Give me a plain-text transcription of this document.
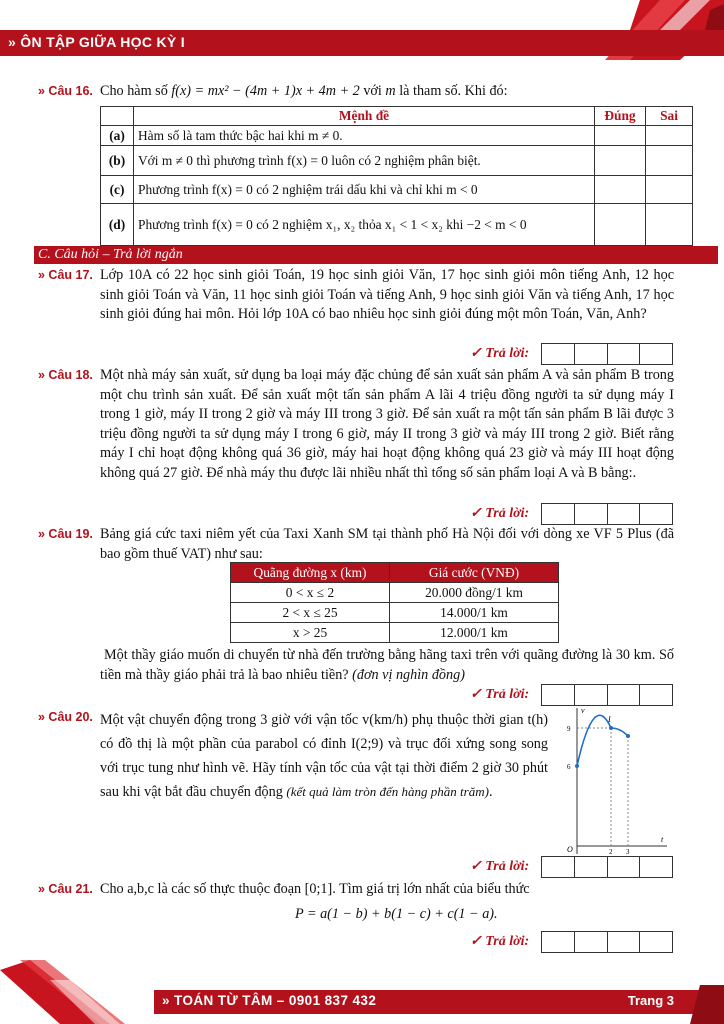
» ÔN TẬP GIỮA HỌC KỲ I
» Câu 16. Cho hàm số f(x) = mx² − (4m + 1)x + 4m + 2 với m là tham số. Khi đó:
	Mệnh đề	Đúng	Sai
(a)	Hàm số là tam thức bậc hai khi m ≠ 0.		
(b)	Với m ≠ 0 thì phương trình f(x) = 0 luôn có 2 nghiệm phân biệt.		
(c)	Phương trình f(x) = 0 có 2 nghiệm trái dấu khi và chỉ khi m < 0		
(d)	Phương trình f(x) = 0 có 2 nghiệm x₁, x₂ thỏa x₁ < 1 < x₂ khi −2 < m < 0		
C. Câu hỏi – Trả lời ngắn
» Câu 17. Lớp 10A có 22 học sinh giỏi Toán, 19 học sinh giỏi Văn, 17 học sinh giỏi môn tiếng Anh, 12 học sinh giỏi Toán và Văn, 11 học sinh giỏi Toán và tiếng Anh, 9 học sinh giỏi Văn và tiếng Anh, 17 học sinh giỏi đúng hai môn. Hỏi lớp 10A có bao nhiêu học sinh giỏi đúng một môn Toán, Văn, Anh?
✓ Trả lời:
» Câu 18. Một nhà máy sản xuất, sử dụng ba loại máy đặc chủng để sản xuất sản phẩm A và sản phẩm B trong một chu trình sản xuất. Để sản xuất một tấn sản phẩm A lãi 4 triệu đồng người ta sử dụng máy I trong 1 giờ, máy II trong 2 giờ và máy III trong 3 giờ. Để sản xuất ra một tấn sản phẩm B lãi được 3 triệu đồng người ta sử dụng máy I trong 6 giờ, máy II trong 3 giờ và máy III trong 2 giờ. Biết rằng máy I chỉ hoạt động không quá 36 giờ, máy hai hoạt động không quá 23 giờ và máy III hoạt động không quá 27 giờ. Để nhà máy thu được lãi nhiều nhất thì tổng số sản phẩm loại A và B bằng:.
✓ Trả lời:
» Câu 19. Bảng giá cức taxi niêm yết của Taxi Xanh SM tại thành phố Hà Nội đối với dòng xe VF 5 Plus (đã bao gồm thuế VAT) như sau:
Quãng đường x (km)	Giá cước (VNĐ)
0 < x ≤ 2	20.000 đồng/1 km
2 < x ≤ 25	14.000/1 km
x > 25	12.000/1 km
Một thầy giáo muốn di chuyển từ nhà đến trường bằng hãng taxi trên với quãng đường là 30 km. Số tiền mà thầy giáo phải trả là bao nhiêu tiền? (đơn vị nghìn đồng)
✓ Trả lời:
» Câu 20. Một vật chuyển động trong 3 giờ với vận tốc v(km/h) phụ thuộc thời gian t(h) có đồ thị là một phần của parabol có đỉnh I(2;9) và trục đối xứng song song với trục tung như hình vẽ. Hãy tính vận tốc của vật tại thời điểm 2 giờ 30 phút sau khi vật bắt đầu chuyển động (kết quả làm tròn đến hàng phần trăm).
v
t
O
I
9
6
2 3
✓ Trả lời:
» Câu 21. Cho a,b,c là các số thực thuộc đoạn [0;1]. Tìm giá trị lớn nhất của biểu thức
P = a(1 − b) + b(1 − c) + c(1 − a).
✓ Trả lời:
» TOÁN TỪ TÂM – 0901 837 432	Trang 3
